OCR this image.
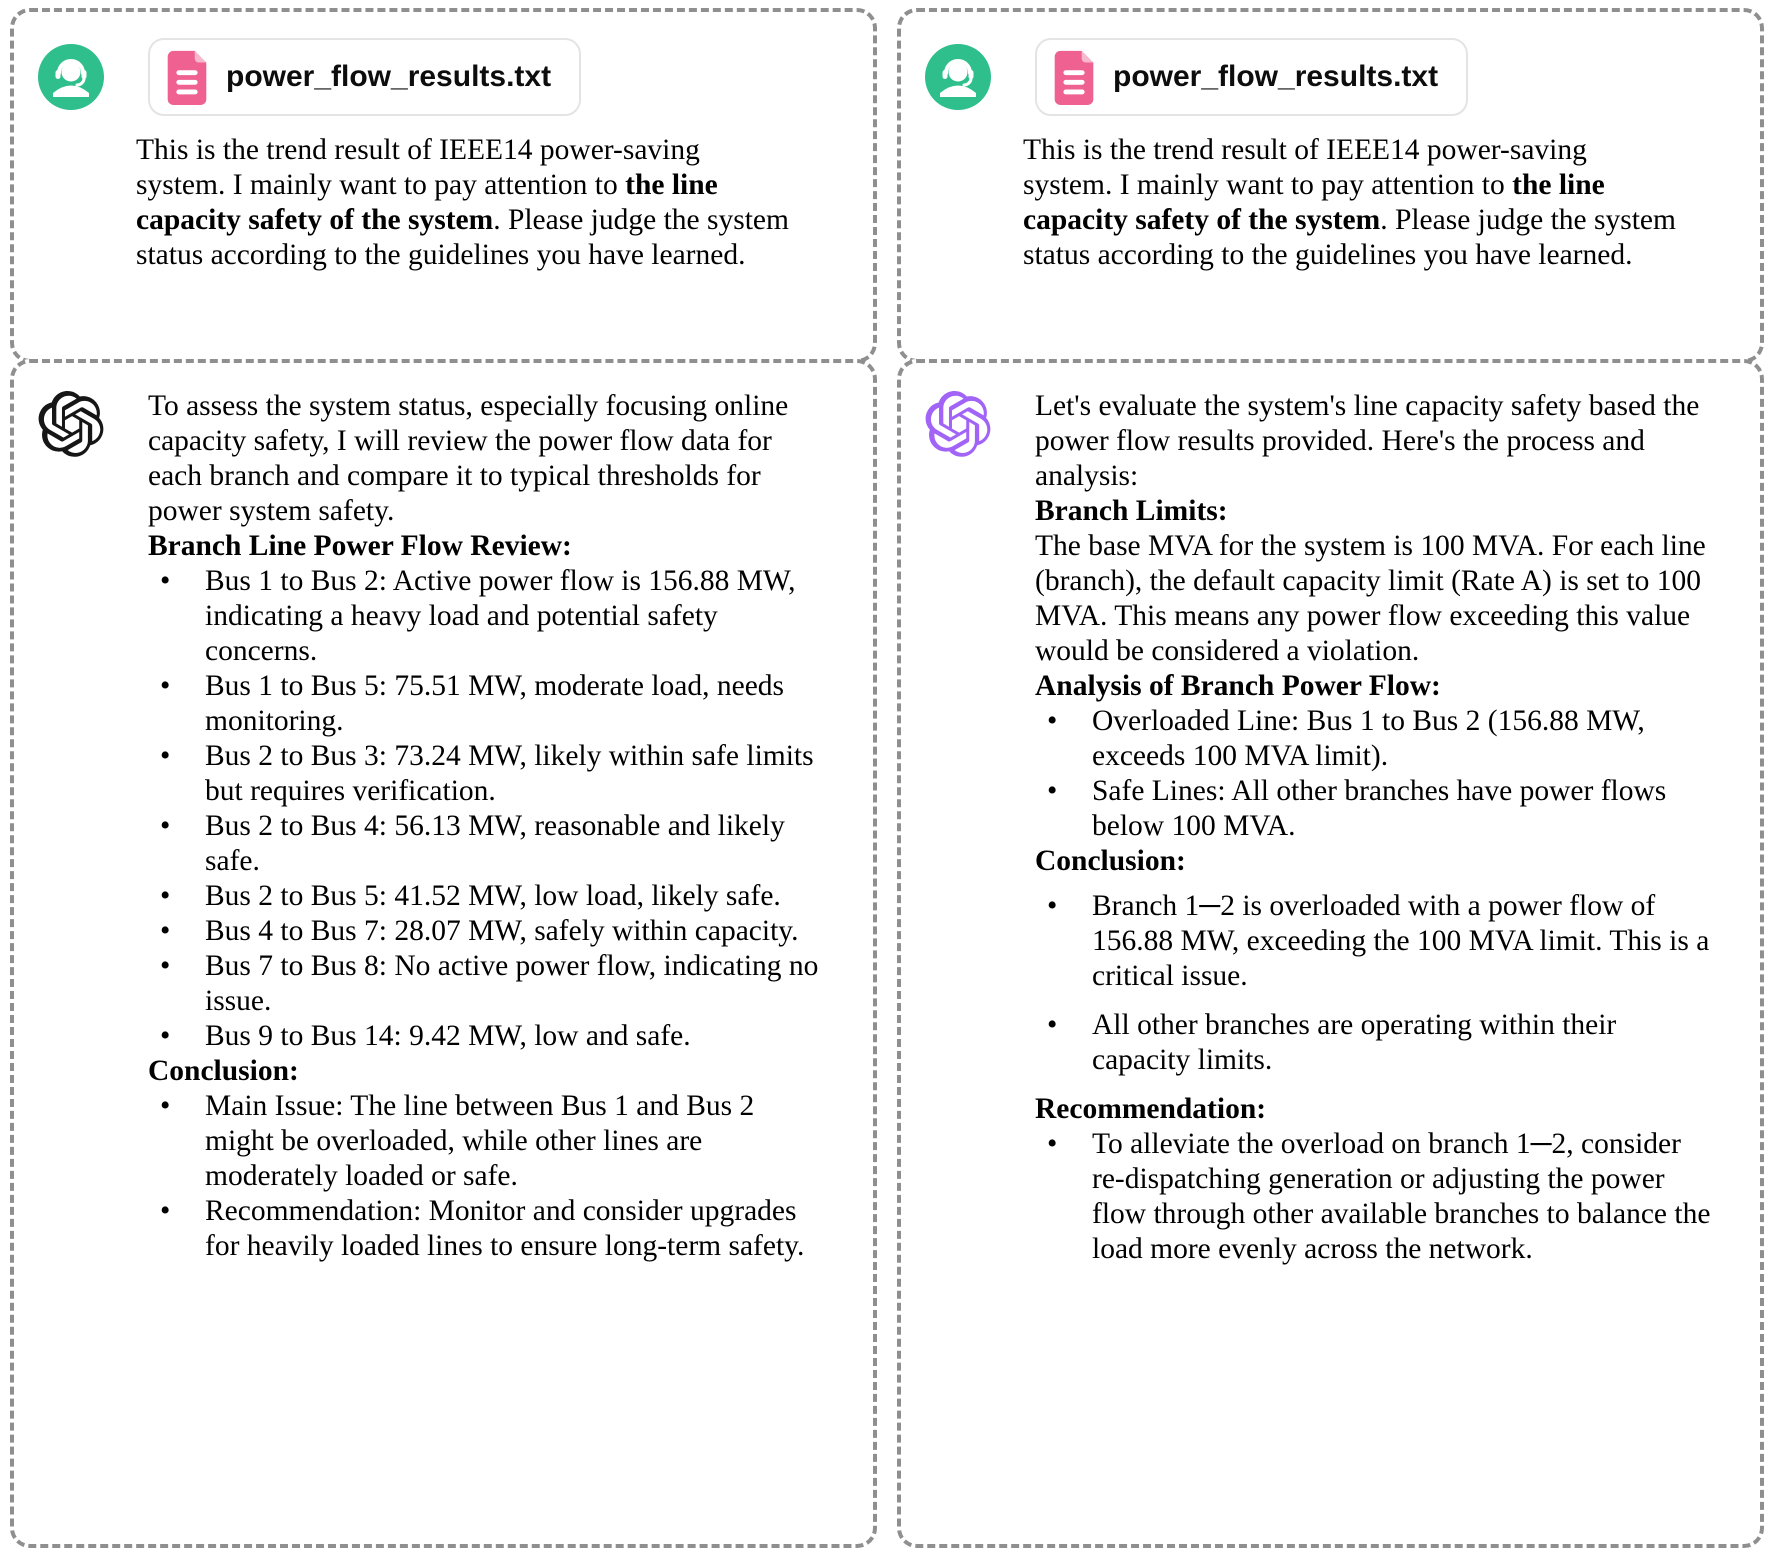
power_flow_results.txt
This is the trend result of IEEE14 power-saving system. I mainly want to pay attention to the line capacity safety of the system. Please judge the system status according to the guidelines you have learned.

To assess the system status, especially focusing online capacity safety, I will review the power flow data for each branch and compare it to typical thresholds for power system safety.

Branch Line Power Flow Review:

• Bus 1 to Bus 2: Active power flow is 156.88 MW, indicating a heavy load and potential safety concerns.
• Bus 1 to Bus 5: 75.51 MW, moderate load, needs monitoring.
• Bus 2 to Bus 3: 73.24 MW, likely within safe limits but requires verification.
• Bus 2 to Bus 4: 56.13 MW, reasonable and likely safe.
• Bus 2 to Bus 5: 41.52 MW, low load, likely safe.
• Bus 4 to Bus 7: 28.07 MW, safely within capacity.
• Bus 7 to Bus 8: No active power flow, indicating no issue.
• Bus 9 to Bus 14: 9.42 MW, low and safe.

Conclusion:

• Main Issue: The line between Bus 1 and Bus 2 might be overloaded, while other lines are moderately loaded or safe.
• Recommendation: Monitor and consider upgrades for heavily loaded lines to ensure long-term safety.
power_flow_results.txt
This is the trend result of IEEE14 power-saving system. I mainly want to pay attention to the line capacity safety of the system. Please judge the system status according to the guidelines you have learned.

Let's evaluate the system's line capacity safety based the power flow results provided. Here's the process and analysis:

Branch Limits:

The base MVA for the system is 100 MVA. For each line (branch), the default capacity limit (Rate A) is set to 100 MVA. This means any power flow exceeding this value would be considered a violation.

Analysis of Branch Power Flow:

• Overloaded Line: Bus 1 to Bus 2 (156.88 MW, exceeds 100 MVA limit).
• Safe Lines: All other branches have power flows below 100 MVA.

Conclusion:

• Branch 1─2 is overloaded with a power flow of 156.88 MW, exceeding the 100 MVA limit. This is a critical issue.
• All other branches are operating within their capacity limits.

Recommendation:

• To alleviate the overload on branch 1─2, consider re-dispatching generation or adjusting the power flow through other available branches to balance the load more evenly across the network.
